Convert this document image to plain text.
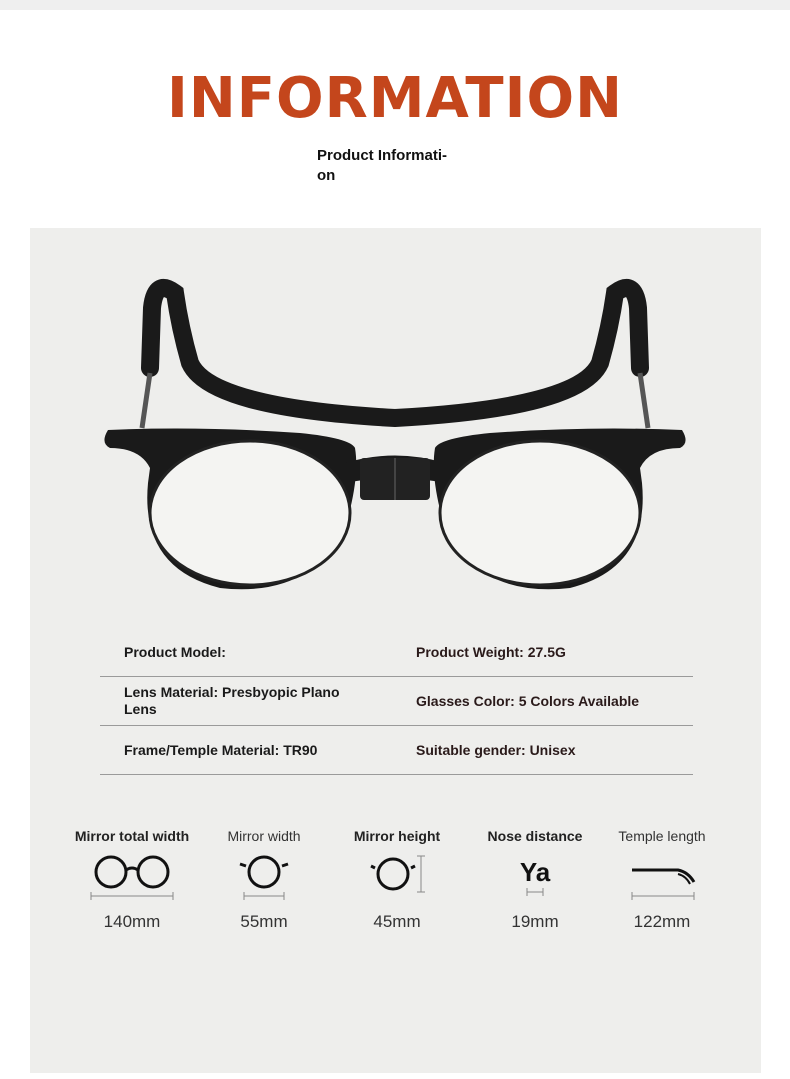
INFORMATION
Product Informati- on
Product Model:	Product Weight: 27.5G
Lens Material: Presbyopic Plano Lens
Glasses Color: 5 Colors Available
Frame/Temple Material: TR90	Suitable gender: Unisex
Mirror total width
140mm
Mirror width
55mm
Mirror height
45mm
Nose distance
Ya
19mm
Temple length
122mm
